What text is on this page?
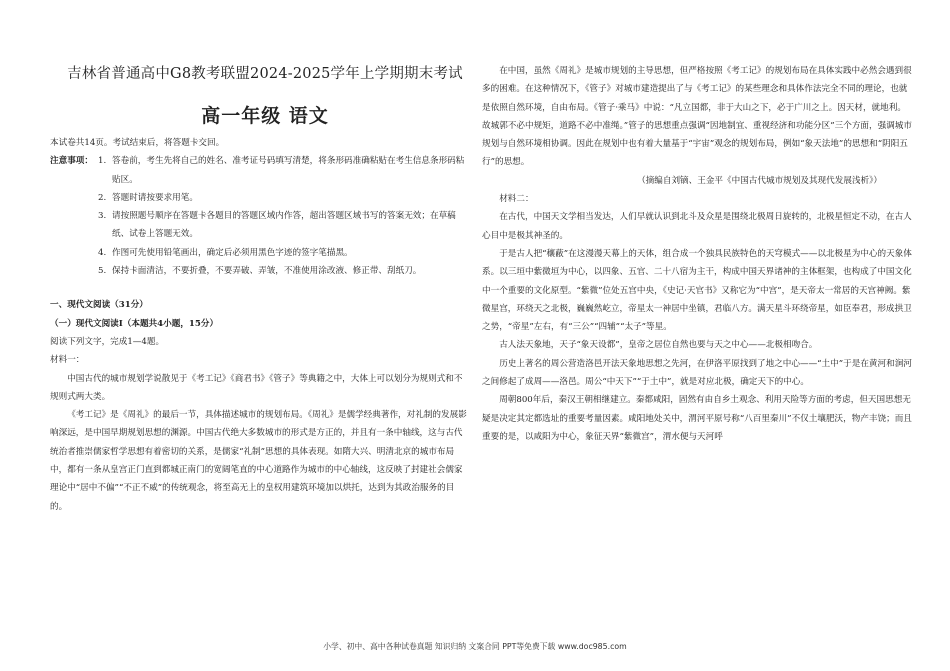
吉林省普通高中G8教考联盟2024-2025学年上学期期末考试
高一年级 语文

本试卷共14页。考试结束后，将答题卡交回。

注意事项： 1. 答卷前，考生先将自己的姓名、准考证号码填写清楚，将条形码准确粘贴在考生信息条形码粘贴区。
2. 答题时请按要求用笔。
3. 请按照题号顺序在答题卡各题目的答题区域内作答，超出答题区域书写的答案无效；在草稿纸、试卷上答题无效。
4. 作图可先使用铅笔画出，确定后必须用黑色字迹的签字笔描黑。
5. 保持卡面清洁，不要折叠，不要弄破、弄皱，不准使用涂改液、修正带、刮纸刀。
一、现代文阅读（31分）
（一）现代文阅读Ⅰ（本题共4小题，15分）

阅读下列文字，完成1—4题。

材料一：

中国古代的城市规划学说散见于《考工记》《商君书》《管子》等典籍之中，大体上可以划分为规则式和不规则式两大类。

《考工记》是《周礼》的最后一节，具体描述城市的规划布局。《周礼》是儒学经典著作，对礼制的发展影响深远，是中国早期规划思想的渊源。中国古代绝大多数城市的形式是方正的，并且有一条中轴线，这与古代统治者推崇儒家哲学思想有着密切的关系，是儒家“礼制”思想的具体表现。如隋大兴、明清北京的城市布局中，都有一条从皇宫正门直到都城正南门的宽阔笔直的中心道路作为城市的中心轴线，这反映了封建社会儒家理论中“居中不偏”“不正不威”的传统观念，将至高无上的皇权用建筑环境加以烘托，达到为其政治服务的目的。

在中国，虽然《周礼》是城市规划的主导思想，但严格按照《考工记》的规划布局在具体实践中必然会遇到很多的困难。在这种情况下，《管子》对城市建造提出了与《考工记》的某些理念和具体作法完全不同的理论，也就是依照自然环境，自由布局。《管子·乘马》中说：“凡立国都，非于大山之下，必于广川之上。因天材，就地利。故城郭不必中规矩，道路不必中准绳。”管子的思想重点强调“因地制宜、重视经济和功能分区”三个方面，强调城市规划与自然环境相协调。因此在规划中也有着大量基于“宇宙”观念的规划布局，例如“象天法地”的思想和“阴阳五行”的思想。

（摘编自刘镝、王金平《中国古代城市规划及其现代发展浅析》）

材料二：

在古代，中国天文学相当发达，人们早就认识到北斗及众星是围绕北极周日旋转的，北极星恒定不动，在古人心目中是极其神圣的。

于是古人把“穰蔽”在这漫漫天幕上的天体，组合成一个独具民族特色的天穹模式——以北极星为中心的天象体系。以三垣中紫微垣为中心，以四象、五官、二十八宿为主干，构成中国天界诸神的主体框架，也构成了中国文化中一个重要的文化原型。“紫微”位处五宫中央，《史记·天官书》又称它为“中宫”，是天帝太一常居的天宫神阙。紫微星宫，环绕天之北极，巍巍然屹立，帝星太一神居中坐镇，君临八方。满天星斗环绕帝星，如臣奉君，形成拱卫之势，“帝星”左右，有“三公”“四辅”“太子”等星。

古人法天象地，天子“象天设都”，皇帝之居位自然也要与天之中心——北极相吻合。

历史上著名的周公营造洛邑开法天象地思想之先河，在伊洛平原找到了地之中心——“土中”于是在黄河和涧河之间修起了成周——洛邑。周公“中天下”“于土中”，就是对应北极，确定天下的中心。

周朝800年后，秦汉王朝相继建立。秦都咸阳，固然有由自乡土观念、利用天险等方面的考虑，但天国思想无疑是决定其定都选址的重要考量因素。咸阳地处关中，渭河平原号称“八百里秦川”不仅土壤肥沃，物产丰饶；而且重要的是，以咸阳为中心，象征天界“紫微宫”，渭水便与天河呼

小学、初中、高中各种试卷真题 知识归纳 文案合同 PPT等免费下载 www.doc985.com
